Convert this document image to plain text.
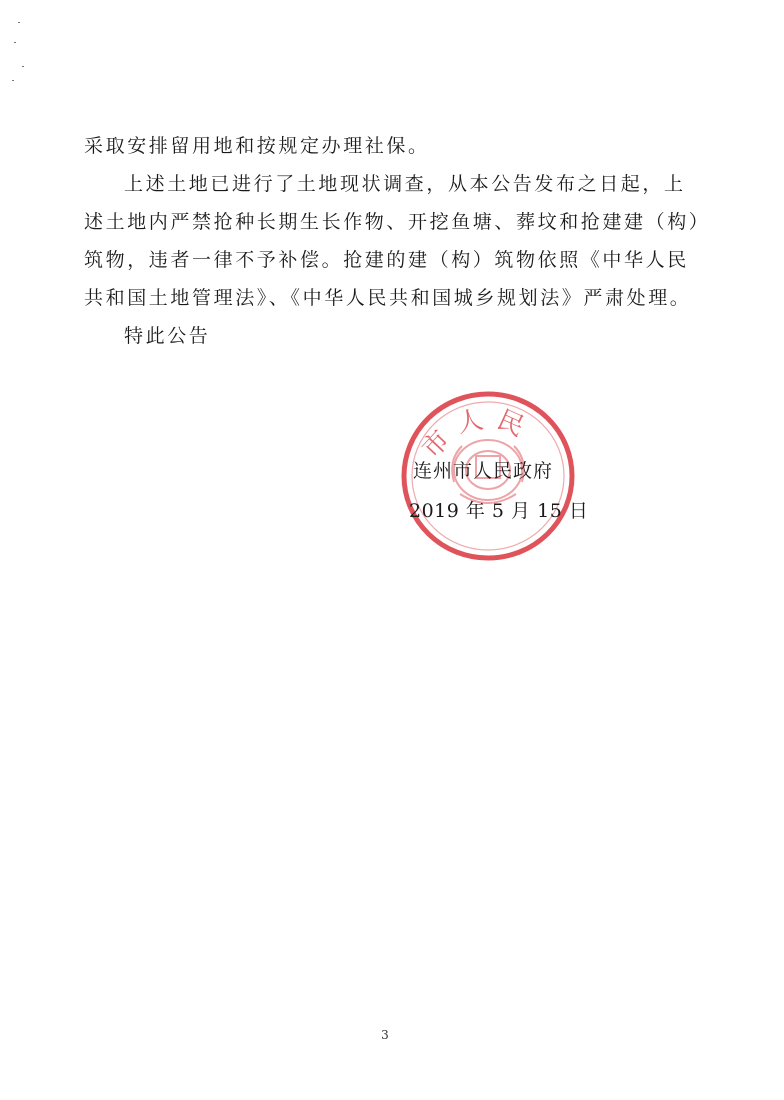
采取安排留用地和按规定办理社保。
上述土地已进行了土地现状调查，从本公告发布之日起，上
述土地内严禁抢种长期生长作物、开挖鱼塘、葬坟和抢建建（构）
筑物，违者一律不予补偿。抢建的建（构）筑物依照《中华人民
共和国土地管理法》、《中华人民共和国城乡规划法》严肃处理。
特此公告
市人民
连州市人民政府
2019 年 5 月 15 日
3
